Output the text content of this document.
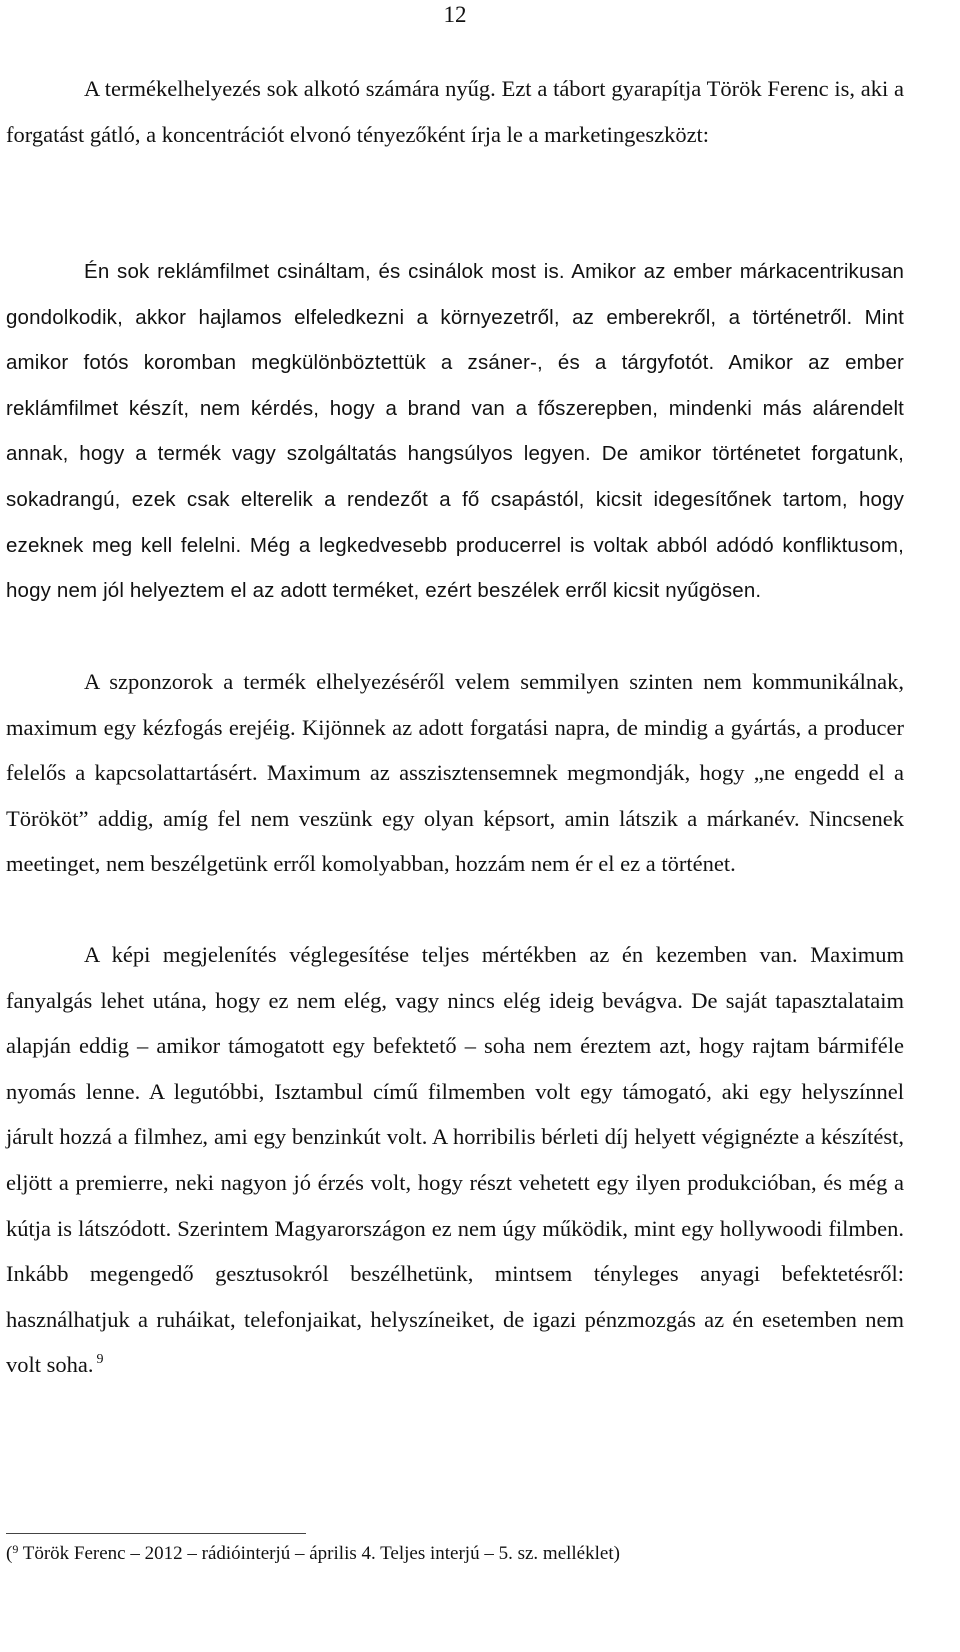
12

A termékelhelyezés sok alkotó számára nyűg. Ezt a tábort gyarapítja Török Ferenc is, aki a forgatást gátló, a koncentrációt elvonó tényezőként írja le a marketingeszközt:

Én sok reklámfilmet csináltam, és csinálok most is. Amikor az ember márkacentrikusan gondolkodik, akkor hajlamos elfeledkezni a környezetről, az emberekről, a történetről. Mint amikor fotós koromban megkülönböztettük a zsáner-, és a tárgyfotót. Amikor az ember reklámfilmet készít, nem kérdés, hogy a brand van a főszerepben, mindenki más alárendelt annak, hogy a termék vagy szolgáltatás hangsúlyos legyen. De amikor történetet forgatunk, sokadrangú, ezek csak elterelik a rendezőt a fő csapástól, kicsit idegesítőnek tartom, hogy ezeknek meg kell felelni. Még a legkedvesebb producerrel is voltak abból adódó konfliktusom, hogy nem jól helyeztem el az adott terméket, ezért beszélek erről kicsit nyűgösen.

A szponzorok a termék elhelyezéséről velem semmilyen szinten nem kommunikálnak, maximum egy kézfogás erejéig. Kijönnek az adott forgatási napra, de mindig a gyártás, a producer felelős a kapcsolattartásért. Maximum az asszisztensemnek megmondják, hogy „ne engedd el a Törököt” addig, amíg fel nem veszünk egy olyan képsort, amin látszik a márkanév. Nincsenek meetinget, nem beszélgetünk erről komolyabban, hozzám nem ér el ez a történet.

A képi megjelenítés véglegesítése teljes mértékben az én kezemben van. Maximum fanyalgás lehet utána, hogy ez nem elég, vagy nincs elég ideig bevágva. De saját tapasztalataim alapján eddig – amikor támogatott egy befektető – soha nem éreztem azt, hogy rajtam bármiféle nyomás lenne. A legutóbbi, Isztambul című filmemben volt egy támogató, aki egy helyszínnel járult hozzá a filmhez, ami egy benzinkút volt. A horribilis bérleti díj helyett végignézte a készítést, eljött a premierre, neki nagyon jó érzés volt, hogy részt vehetett egy ilyen produkcióban, és még a kútja is látszódott. Szerintem Magyarországon ez nem úgy működik, mint egy hollywoodi filmben. Inkább megengedő gesztusokról beszélhetünk, mintsem tényleges anyagi befektetésről: használhatjuk a ruháikat, telefonjaikat, helyszíneiket, de igazi pénzmozgás az én esetemben nem volt soha. $^9$

($^9$ Török Ferenc – 2012 – rádióinterjú – április 4. Teljes interjú – 5. sz. melléklet)
